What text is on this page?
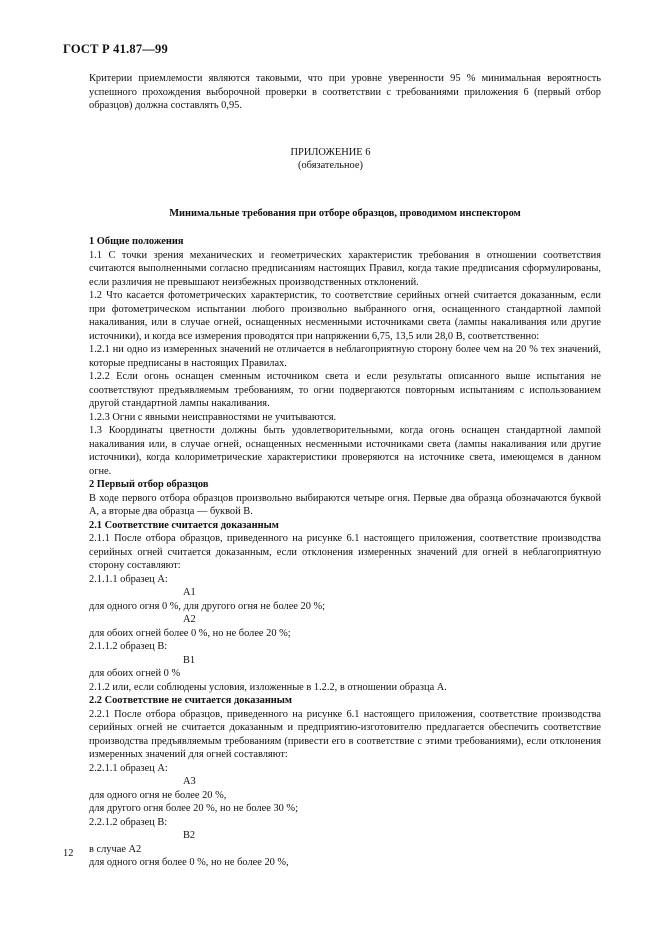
ГОСТ Р 41.87—99

Критерии приемлемости являются таковыми, что при уровне уверенности 95 % минимальная вероятность успешного прохождения выборочной проверки в соответствии с требованиями приложения 6 (первый отбор образцов) должна составлять 0,95.

ПРИЛОЖЕНИЕ 6
(обязательное)
Минимальные требования при отборе образцов, проводимом инспектором

1 Общие положения

1.1 С точки зрения механических и геометрических характеристик требования в отношении соответствия считаются выполненными согласно предписаниям настоящих Правил, когда такие предписания сформулированы, если различия не превышают неизбежных производственных отклонений.

1.2 Что касается фотометрических характеристик, то соответствие серийных огней считается доказанным, если при фотометрическом испытании любого произвольно выбранного огня, оснащенного стандартной лампой накаливания, или в случае огней, оснащенных несменными источниками света (лампы накаливания или другие источники), и когда все измерения проводятся при напряжении 6,75, 13,5 или 28,0 В, соответственно:

1.2.1 ни одно из измеренных значений не отличается в неблагоприятную сторону более чем на 20 % тех значений, которые предписаны в настоящих Правилах.

1.2.2 Если огонь оснащен сменным источником света и если результаты описанного выше испытания не соответствуют предъявляемым требованиям, то огни подвергаются повторным испытаниям с использованием другой стандартной лампы накаливания.

1.2.3 Огни с явными неисправностями не учитываются.

1.3 Координаты цветности должны быть удовлетворительными, когда огонь оснащен стандартной лампой накаливания или, в случае огней, оснащенных несменными источниками света (лампы накаливания или другие источники), когда колориметрические характеристики проверяются на источнике света, имеющемся в данном огне.

2 Первый отбор образцов

В ходе первого отбора образцов произвольно выбираются четыре огня. Первые два образца обозначаются буквой А, а вторые два образца — буквой В.

2.1 Соответствие считается доказанным

2.1.1 После отбора образцов, приведенного на рисунке 6.1 настоящего приложения, соответствие производства серийных огней считается доказанным, если отклонения измеренных значений для огней в неблагоприятную сторону составляют:

2.1.1.1 образец А:

А1

для одного огня 0 %, для другого огня не более 20 %;

А2

для обоих огней более 0 %, но не более 20 %;

2.1.1.2 образец В:

В1

для обоих огней 0 %

2.1.2 или, если соблюдены условия, изложенные в 1.2.2, в отношении образца А.

2.2 Соответствие не считается доказанным

2.2.1 После отбора образцов, приведенного на рисунке 6.1 настоящего приложения, соответствие производства серийных огней не считается доказанным и предприятию-изготовителю предлагается обеспечить соответствие производства предъявляемым требованиям (привести его в соответствие с этими требованиями), если отклонения измеренных значений для огней составляют:

2.2.1.1 образец А:

А3

для одного огня не более 20 %,

для другого огня более 20 %, но не более 30 %;

2.2.1.2 образец В:

В2

в случае А2

для одного огня более 0 %, но не более 20 %,

12
